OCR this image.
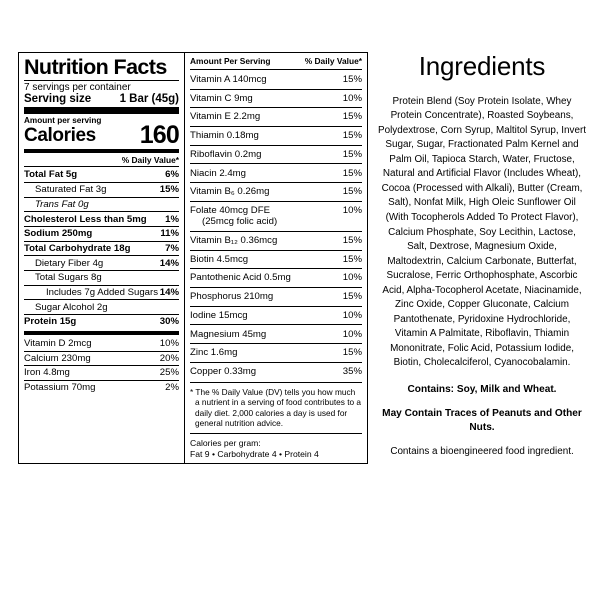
Nutrition Facts
7 servings per container
Serving size 1 Bar (45g)
Amount per serving
Calories 160
% Daily Value*
Total Fat 5g	6%
Saturated Fat 3g	15%
Trans Fat 0g
Cholesterol Less than 5mg 1%
Sodium 250mg	11%
Total Carbohydrate 18g	7%
Dietary Fiber 4g	14%
Total Sugars 8g
Includes 7g Added Sugars 14%
Sugar Alcohol 2g
Protein 15g	30%
Vitamin D 2mcg	10%
Calcium 230mg	20%
Iron 4.8mg	25%
Potassium 70mg	2%
Amount Per Serving	% Daily Value*
Vitamin A 140mcg	15%
Vitamin C 9mg	10%
Vitamin E 2.2mg	15%
Thiamin 0.18mg	15%
Riboflavin 0.2mg	15%
Niacin 2.4mg	15%
Vitamin B₆ 0.26mg	15%
Folate 40mcg DFE
(25mcg folic acid)
10%
Vitamin B₁₂ 0.36mcg	15%
Biotin 4.5mcg	15%
Pantothenic Acid 0.5mg	10%
Phosphorus 210mg	15%
Iodine 15mcg	10%
Magnesium 45mg	10%
Zinc 1.6mg	15%
Copper 0.33mg	35%
* The % Daily Value (DV) tells you how much a nutrient in a serving of food contributes to a daily diet. 2,000 calories a day is used for general nutrition advice.
Calories per gram:
Fat 9 • Carbohydrate 4 • Protein 4
Ingredients
Protein Blend (Soy Protein Isolate, Whey Protein Concentrate), Roasted Soybeans, Polydextrose, Corn Syrup, Maltitol Syrup, Invert Sugar, Sugar, Fractionated Palm Kernel and Palm Oil, Tapioca Starch, Water, Fructose, Natural and Artificial Flavor (Includes Wheat), Cocoa (Processed with Alkali), Butter (Cream, Salt), Nonfat Milk, High Oleic Sunflower Oil (With Tocopherols Added To Protect Flavor), Calcium Phosphate, Soy Lecithin, Lactose, Salt, Dextrose, Magnesium Oxide, Maltodextrin, Calcium Carbonate, Butterfat, Sucralose, Ferric Orthophosphate, Ascorbic Acid, Alpha-Tocopherol Acetate, Niacinamide, Zinc Oxide, Copper Gluconate, Calcium Pantothenate, Pyridoxine Hydrochloride, Vitamin A Palmitate, Riboflavin, Thiamin Mononitrate, Folic Acid, Potassium Iodide, Biotin, Cholecalciferol, Cyanocobalamin.
Contains: Soy, Milk and Wheat.
May Contain Traces of Peanuts and Other Nuts.
Contains a bioengineered food ingredient.
